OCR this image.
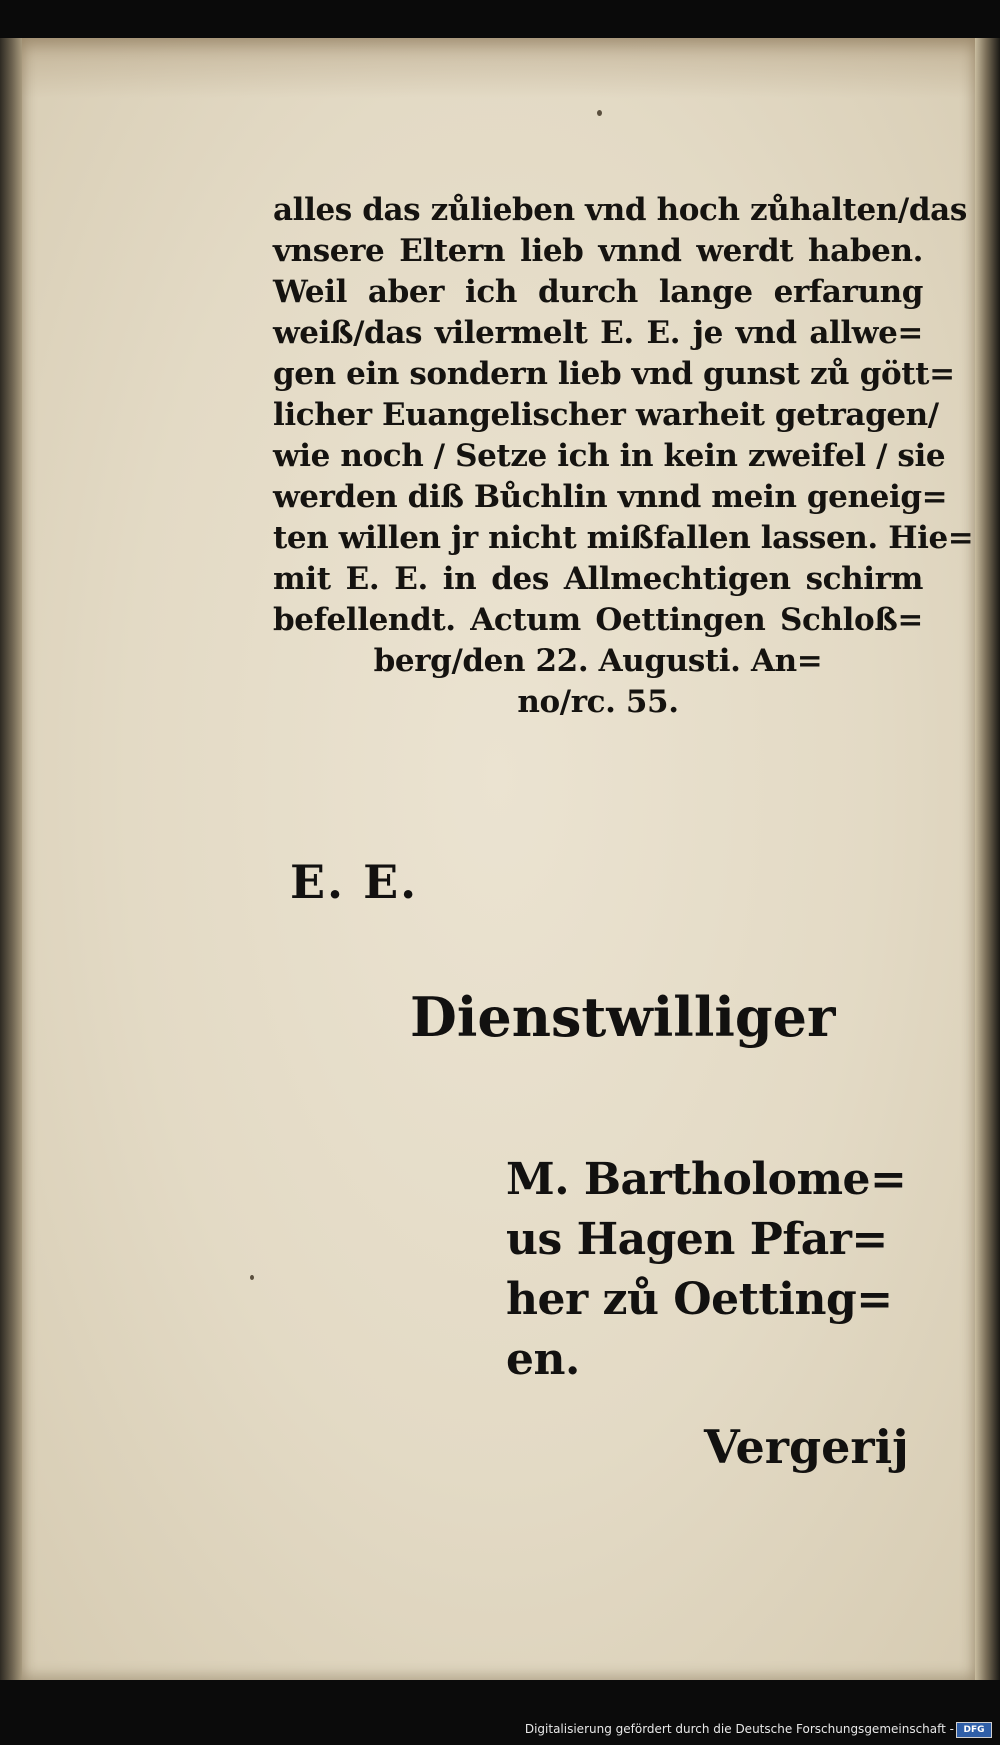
alles das zůlieben vnd hoch zůhalten/das
vnsere Eltern lieb vnnd werdt haben.
Weil aber ich durch lange erfarung
weiß/das vilermelt E. E. je vnd allwe=
gen ein sondern lieb vnd gunst zů gött=
licher Euangelischer warheit getragen/
wie noch / Setze ich in kein zweifel / sie
werden diß Bůchlin vnnd mein geneig=
ten willen jr nicht mißfallen lassen. Hie=
mit E. E. in des Allmechtigen schirm
befellendt. Actum Oettingen Schloß=
berg/den 22. Augusti. An=
no/rc. 55.
E. E.
Dienstwilliger
M. Bartholome=
us Hagen Pfar=
her zů Oetting=
en.
Vergerij
Digitalisierung gefördert durch die Deutsche Forschungsgemeinschaft -	DFG
